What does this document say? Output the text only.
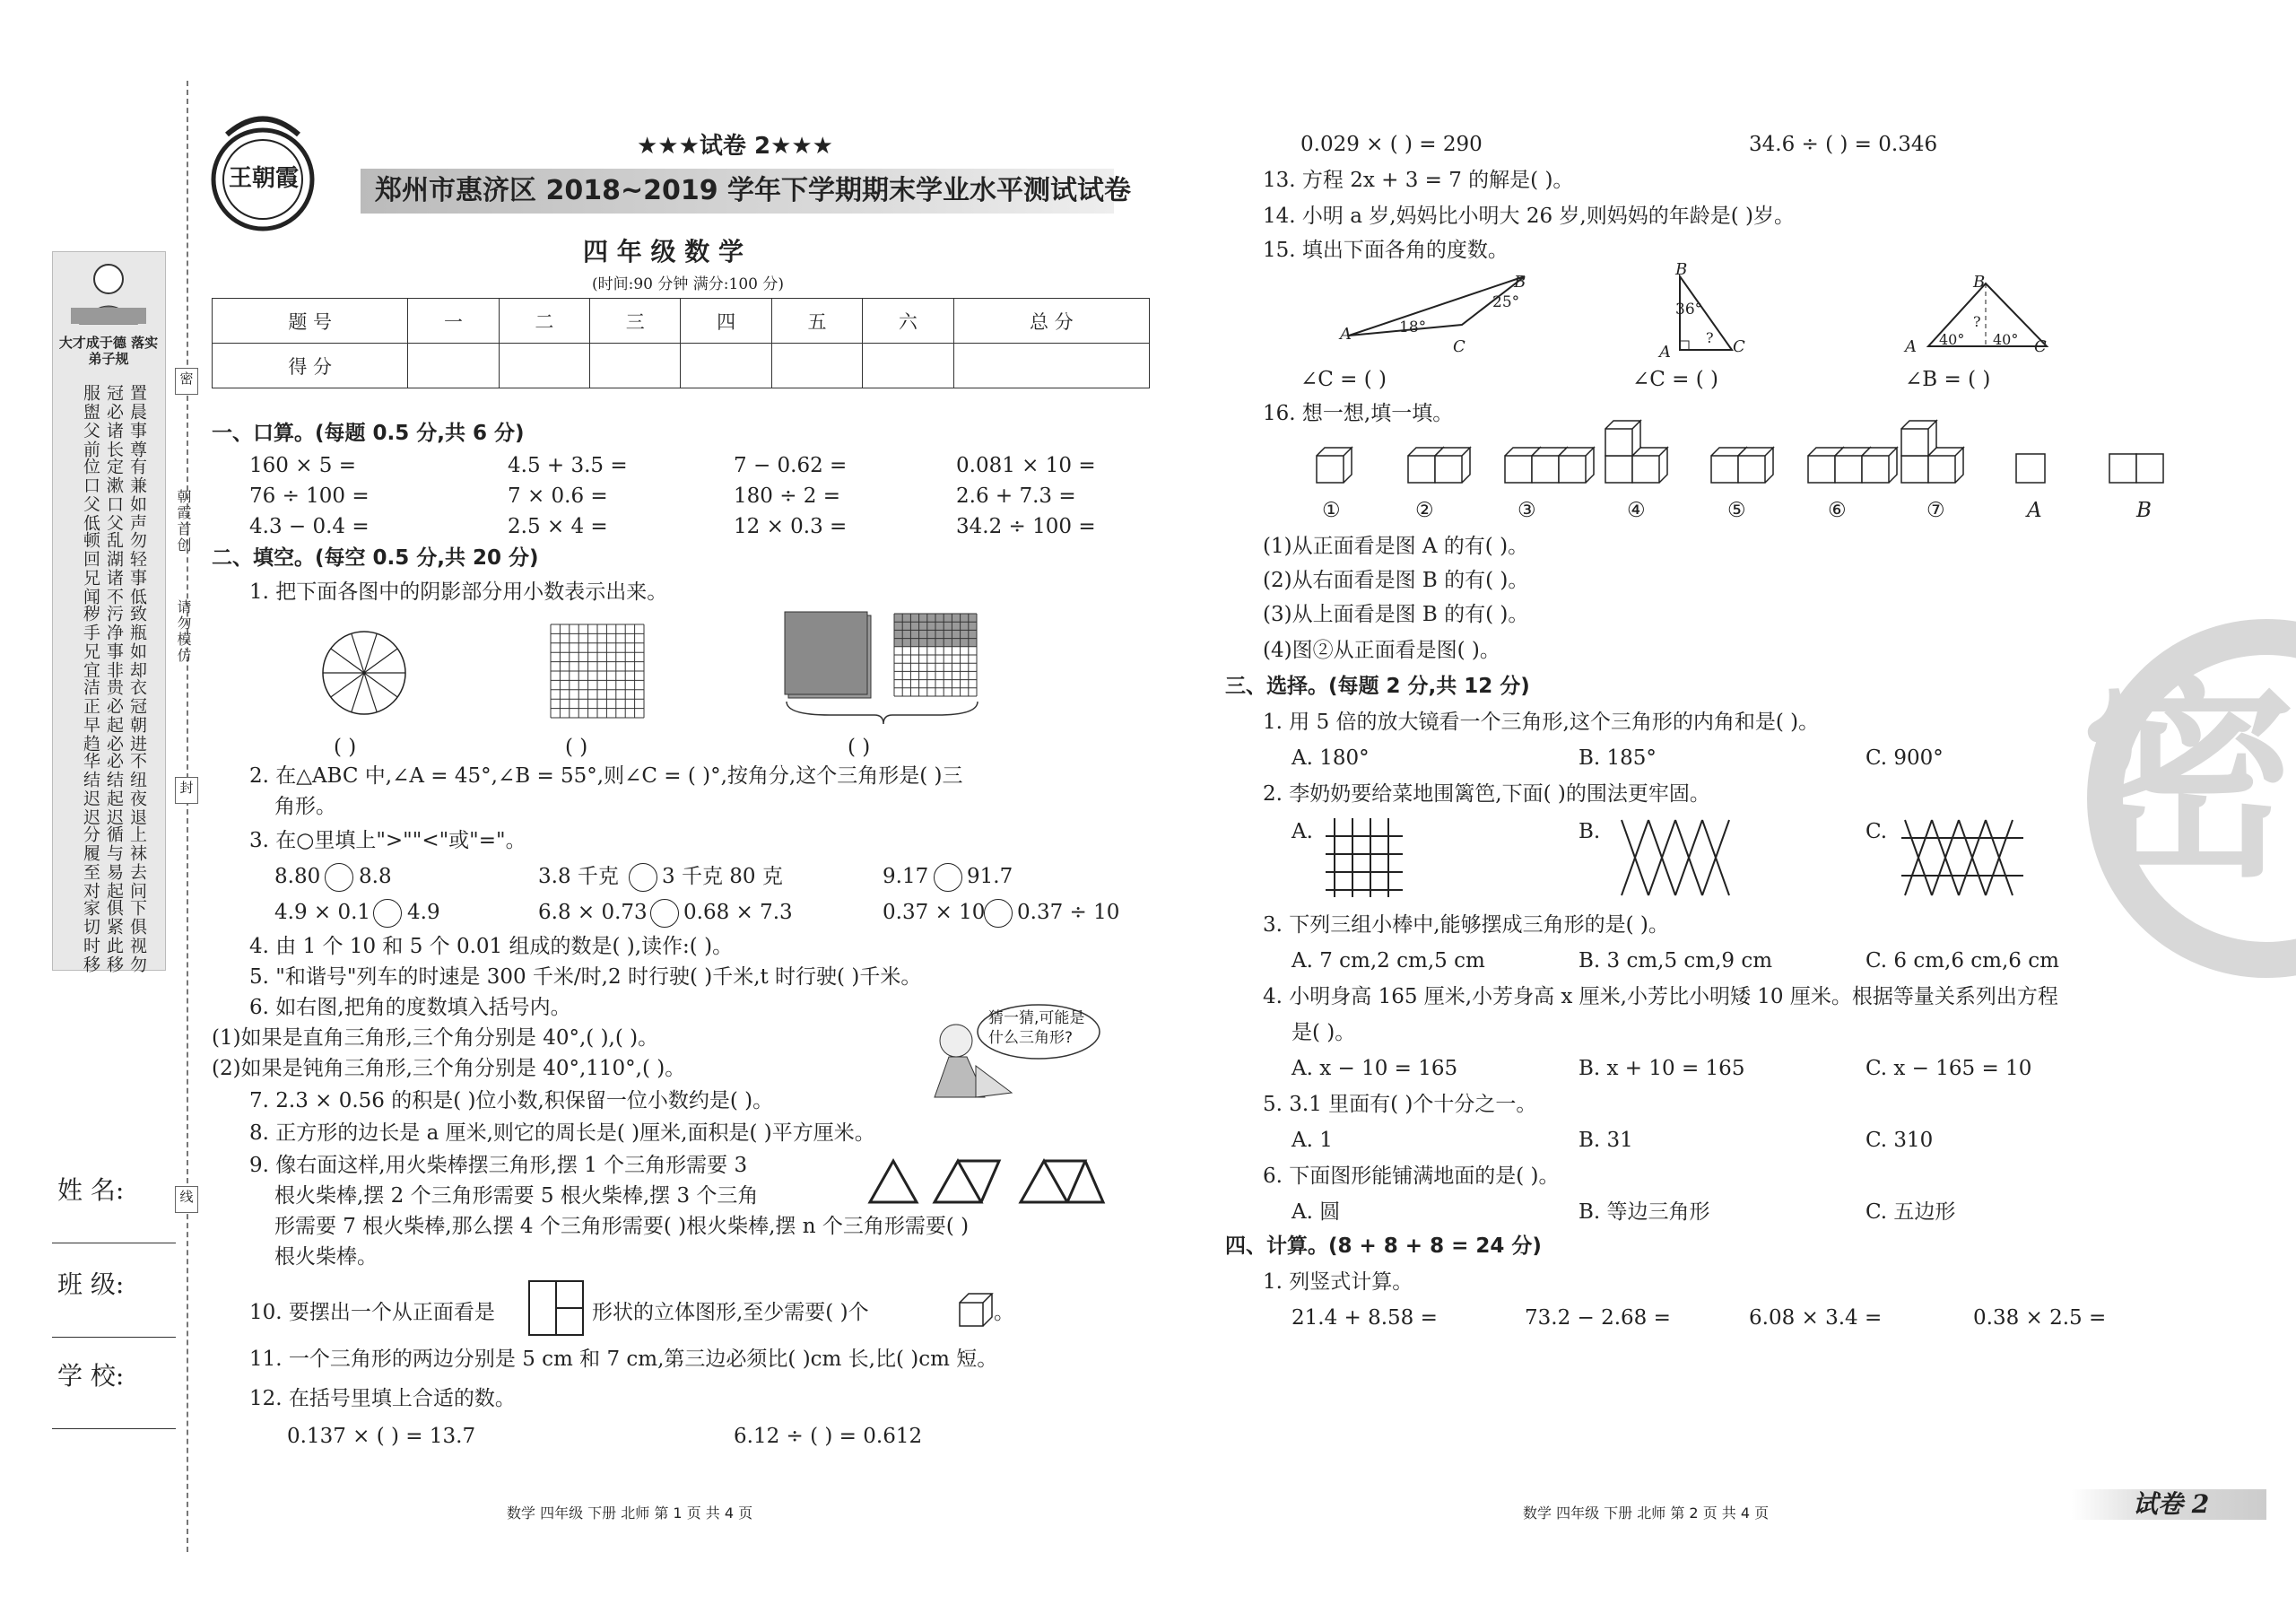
大才成于德 落实弟子规
置晨事尊
冠必诸长
服盥父前
有兼如声
定漱口父
位口父低
勿轻事低
乱湖诸不
顿回兄闻
致瓶如却
污净事非
秽手兄宜
衣冠朝进
贵必起必
洁正早趋
不纽夜退
必结起迟
华结迟迟
上袜去问
循与易起
分履至对
下俱视勿
俱紧此移
家切时移
朝霞首创
请勿模仿
密
封
线
姓 名:
班 级:
学 校:
王朝霞
★★★试卷 2★★★
郑州市惠济区 2018~2019 学年下学期期末学业水平测试试卷
四 年 级 数 学
(时间:90 分钟 满分:100 分)
题 号	一	二	三	四	五	六	总 分
得 分							
一、口算。(每题 0.5 分,共 6 分)
160 × 5 =	4.5 + 3.5 =	7 − 0.62 =	0.081 × 10 =
76 ÷ 100 =	7 × 0.6 =	180 ÷ 2 =	2.6 + 7.3 =
4.3 − 0.4 =	2.5 × 4 =	12 × 0.3 =	34.2 ÷ 100 =
二、填空。(每空 0.5 分,共 20 分)
1. 把下面各图中的阴影部分用小数表示出来。
( )	( )	( )
2. 在△ABC 中,∠A = 45°,∠B = 55°,则∠C = ( )°,按角分,这个三角形是( )三
角形。
3. 在○里填上">""<"或"="。
8.80 8.8	3.8 千克 3 千克 80 克	9.17 91.7
4.9 × 0.1 4.9	6.8 × 0.73 0.68 × 7.3	0.37 × 10 0.37 ÷ 10
4. 由 1 个 10 和 5 个 0.01 组成的数是( ),读作:( )。
5. "和谐号"列车的时速是 300 千米/时,2 时行驶( )千米,t 时行驶( )千米。
6. 如右图,把角的度数填入括号内。
(1)如果是直角三角形,三个角分别是 40°,( ),( )。
(2)如果是钝角三角形,三个角分别是 40°,110°,( )。
猜一猜,可能是什么三角形?
7. 2.3 × 0.56 的积是( )位小数,积保留一位小数约是( )。
8. 正方形的边长是 a 厘米,则它的周长是( )厘米,面积是( )平方厘米。
9. 像右面这样,用火柴棒摆三角形,摆 1 个三角形需要 3
根火柴棒,摆 2 个三角形需要 5 根火柴棒,摆 3 个三角
形需要 7 根火柴棒,那么摆 4 个三角形需要( )根火柴棒,摆 n 个三角形需要( )
根火柴棒。
10. 要摆出一个从正面看是	形状的立体图形,至少需要( )个	。
11. 一个三角形的两边分别是 5 cm 和 7 cm,第三边必须比( )cm 长,比( )cm 短。
12. 在括号里填上合适的数。
0.137 × ( ) = 13.7	6.12 ÷ ( ) = 0.612
数学 四年级 下册 北师 第 1 页 共 4 页
0.029 × ( ) = 290	34.6 ÷ ( ) = 0.346
13. 方程 2x + 3 = 7 的解是( )。
14. 小明 a 岁,妈妈比小明大 26 岁,则妈妈的年龄是( )岁。
15. 填出下面各角的度数。
A
B
C
18°
25°
B
36°
A	C
?
∠C = ( )	∠C = ( )
B
A	C
40° 40°
?
∠B = ( )
16. 想一想,填一填。
①	②	③	④	⑤	⑥	⑦	A	B
(1)从正面看是图 A 的有( )。
(2)从右面看是图 B 的有( )。
(3)从上面看是图 B 的有( )。
(4)图②从正面看是图( )。
三、选择。(每题 2 分,共 12 分)
1. 用 5 倍的放大镜看一个三角形,这个三角形的内角和是( )。
A. 180°	B. 185°	C. 900°
2. 李奶奶要给菜地围篱笆,下面( )的围法更牢固。
A.	B.	C.
3. 下列三组小棒中,能够摆成三角形的是( )。
A. 7 cm,2 cm,5 cm	B. 3 cm,5 cm,9 cm	C. 6 cm,6 cm,6 cm
4. 小明身高 165 厘米,小芳身高 x 厘米,小芳比小明矮 10 厘米。根据等量关系列出方程
是( )。
A. x − 10 = 165	B. x + 10 = 165	C. x − 165 = 10
5. 3.1 里面有( )个十分之一。
A. 1	B. 31	C. 310
6. 下面图形能铺满地面的是( )。
A. 圆	B. 等边三角形	C. 五边形
四、计算。(8 + 8 + 8 = 24 分)
1. 列竖式计算。
21.4 + 8.58 =	73.2 − 2.68 =	6.08 × 3.4 =	0.38 × 2.5 =
密
数学 四年级 下册 北师 第 2 页 共 4 页	试卷 2
